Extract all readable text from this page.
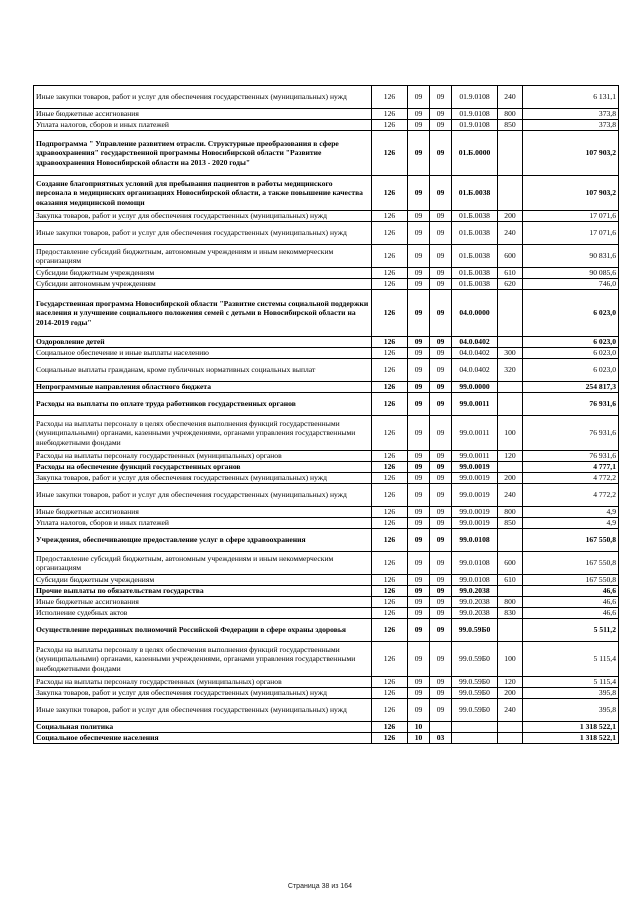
Иные закупки товаров, работ и услуг для обеспечения государственных (муниципальных) нужд	126	09	09	01.9.0108	240	6 131,1
Иные бюджетные ассигнования	126	09	09	01.9.0108	800	373,8
Уплата налогов, сборов и иных платежей	126	09	09	01.9.0108	850	373,8
Подпрограмма " Управление развитием отрасли. Структурные преобразования в сфере здравоохранения" государственной программы Новосибирской области "Развитие здравоохранения Новосибирской области на 2013 - 2020 годы"	126	09	09	01.Б.0000		107 903,2
Создание благоприятных условий для пребывания пациентов в работы медицинского персонала в медицинских организациях Новосибирской области, а также повышение качества оказания медицинской помощи	126	09	09	01.Б.0038		107 903,2
Закупка товаров, работ и услуг для обеспечения государственных (муниципальных) нужд	126	09	09	01.Б.0038	200	17 071,6
Иные закупки товаров, работ и услуг для обеспечения государственных (муниципальных) нужд	126	09	09	01.Б.0038	240	17 071,6
Предоставление субсидий бюджетным, автономным учреждениям и иным некоммерческим организациям	126	09	09	01.Б.0038	600	90 831,6
Субсидии бюджетным учреждениям	126	09	09	01.Б.0038	610	90 085,6
Субсидии автономным учреждениям	126	09	09	01.Б.0038	620	746,0
Государственная программа Новосибирской области "Развитие системы социальной поддержки населения и улучшение социального положения семей с детьми в Новосибирской области на 2014-2019 годы"	126	09	09	04.0.0000		6 023,0
Оздоровление детей	126	09	09	04.0.0402		6 023,0
Социальное обеспечение и иные выплаты населению	126	09	09	04.0.0402	300	6 023,0
Социальные выплаты гражданам, кроме публичных нормативных социальных выплат	126	09	09	04.0.0402	320	6 023,0
Непрограммные направления областного бюджета	126	09	09	99.0.0000		254 817,3
Расходы на выплаты по оплате труда работников государственных органов	126	09	09	99.0.0011		76 931,6
Расходы на выплаты персоналу в целях обеспечения выполнения функций государственными (муниципальными) органами, казенными учреждениями, органами управления государственными внебюджетными фондами	126	09	09	99.0.0011	100	76 931,6
Расходы на выплаты персоналу государственных (муниципальных) органов	126	09	09	99.0.0011	120	76 931,6
Расходы на обеспечение функций государственных органов	126	09	09	99.0.0019		4 777,1
Закупка товаров, работ и услуг для обеспечения государственных (муниципальных) нужд	126	09	09	99.0.0019	200	4 772,2
Иные закупки товаров, работ и услуг для обеспечения государственных (муниципальных) нужд	126	09	09	99.0.0019	240	4 772,2
Иные бюджетные ассигнования	126	09	09	99.0.0019	800	4,9
Уплата налогов, сборов и иных платежей	126	09	09	99.0.0019	850	4,9
Учреждения, обеспечивающие предоставление услуг в сфере здравоохранения	126	09	09	99.0.0108		167 550,8
Предоставление субсидий бюджетным, автономным учреждениям и иным некоммерческим организациям	126	09	09	99.0.0108	600	167 550,8
Субсидии бюджетным учреждениям	126	09	09	99.0.0108	610	167 550,8
Прочие выплаты по обязательствам государства	126	09	09	99.0.2038		46,6
Иные бюджетные ассигнования	126	09	09	99.0.2038	800	46,6
Исполнение судебных актов	126	09	09	99.0.2038	830	46,6
Осуществление переданных полномочий Российской Федерации в сфере охраны здоровья	126	09	09	99.0.59Б0		5 511,2
Расходы на выплаты персоналу в целях обеспечения выполнения функций государственными (муниципальными) органами, казенными учреждениями, органами управления государственными внебюджетными фондами	126	09	09	99.0.59Б0	100	5 115,4
Расходы на выплаты персоналу государственных (муниципальных) органов	126	09	09	99.0.59Б0	120	5 115,4
Закупка товаров, работ и услуг для обеспечения государственных (муниципальных) нужд	126	09	09	99.0.59Б0	200	395,8
Иные закупки товаров, работ и услуг для обеспечения государственных (муниципальных) нужд	126	09	09	99.0.59Б0	240	395,8
Социальная политика	126	10				1 318 522,1
Социальное обеспечение населения	126	10	03			1 318 522,1
Страница 38 из 164
